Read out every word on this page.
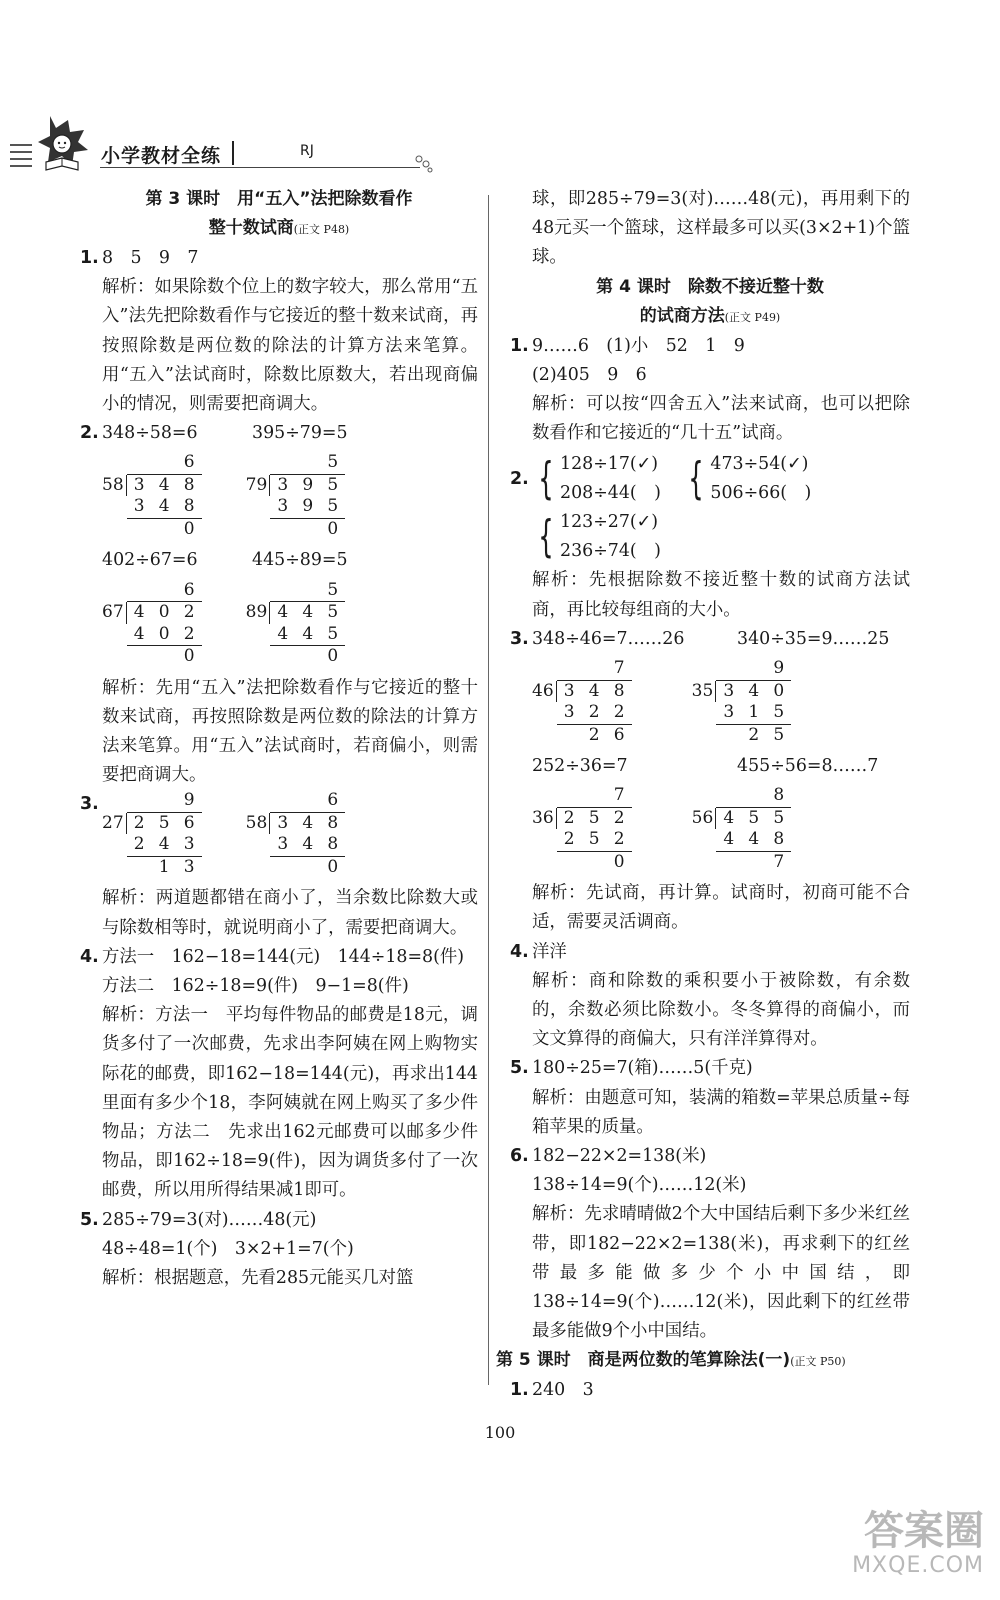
小学教材全练	RJ

第 3 课时　用“五入”法把除数看作

整十数试商(正文 P48)

1. 8　5　9　7

解析：如果除数个位上的数字较大，那么常用“五入”法先把除数看作与它接近的整十数来试商，再按照除数是两位数的除法的计算方法来笔算。用“五入”法试商时，除数比原数大，若出现商偏小的情况，则需要把商调大。

2. 348÷58=6	395÷79=5

			6
58	3	4	8
	3	4	8
			0
			5
79	3	9	5
	3	9	5
			0

402÷67=6	445÷89=5

			6
67	4	0	2
	4	0	2
			0
			5
89	4	4	5
	4	4	5
			0

解析：先用“五入”法把除数看作与它接近的整十数来试商，再按照除数是两位数的除法的计算方法来笔算。用“五入”法试商时，若商偏小，则需要把商调大。

3.
				9
27	2	5	6
	2	4	3
		1	3
			6
58	3	4	8
	3	4	8
			0

解析：两道题都错在商小了，当余数比除数大或与除数相等时，就说明商小了，需要把商调大。

4. 方法一　162−18=144(元)　144÷18=8(件)

方法二　162÷18=9(件)　9−1=8(件)

解析：方法一　平均每件物品的邮费是18元，调货多付了一次邮费，先求出李阿姨在网上购物实际花的邮费，即162−18=144(元)，再求出144里面有多少个18，李阿姨就在网上购买了多少件物品；方法二　先求出162元邮费可以邮多少件物品，即162÷18=9(件)，因为调货多付了一次邮费，所以用所得结果减1即可。

5. 285÷79=3(对)……48(元)

48÷48=1(个)　3×2+1=7(个)

解析：根据题意，先看285元能买几对篮

球，即285÷79=3(对)……48(元)，再用剩下的48元买一个篮球，这样最多可以买(3×2+1)个篮球。

第 4 课时　除数不接近整十数

的试商方法(正文 P49)

1. 9……6　(1)小　52　1　9

(2)405　9　6

解析：可以按“四舍五入”法来试商，也可以把除数看作和它接近的“几十五”试商。

2. { 128÷17(✓)
208÷44(　)
{ 473÷54(✓)
506÷66(　)
{ 123÷27(✓)
236÷74(　)

解析：先根据除数不接近整十数的试商方法试商，再比较每组商的大小。

3. 348÷46=7……26	340÷35=9……25

			7
46	3	4	8
	3	2	2
		2	6
			9
35	3	4	0
	3	1	5
		2	5

252÷36=7	455÷56=8……7

			7
36	2	5	2
	2	5	2
			0
			8
56	4	5	5
	4	4	8
			7

解析：先试商，再计算。试商时，初商可能不合适，需要灵活调商。

4. 洋洋

解析：商和除数的乘积要小于被除数，有余数的，余数必须比除数小。冬冬算得的商偏小，而文文算得的商偏大，只有洋洋算得对。

5. 180÷25=7(箱)……5(千克)

解析：由题意可知，装满的箱数=苹果总质量÷每箱苹果的质量。

6. 182−22×2=138(米)

138÷14=9(个)……12(米)

解析：先求晴晴做2个大中国结后剩下多少米红丝带，即182−22×2=138(米)，再求剩下的红丝带最多能做多少个小中国结，即138÷14=9(个)……12(米)，因此剩下的红丝带最多能做9个小中国结。

第 5 课时　商是两位数的笔算除法(一)(正文 P50)

1. 240　3

100
答案圈
MXQE.COM
